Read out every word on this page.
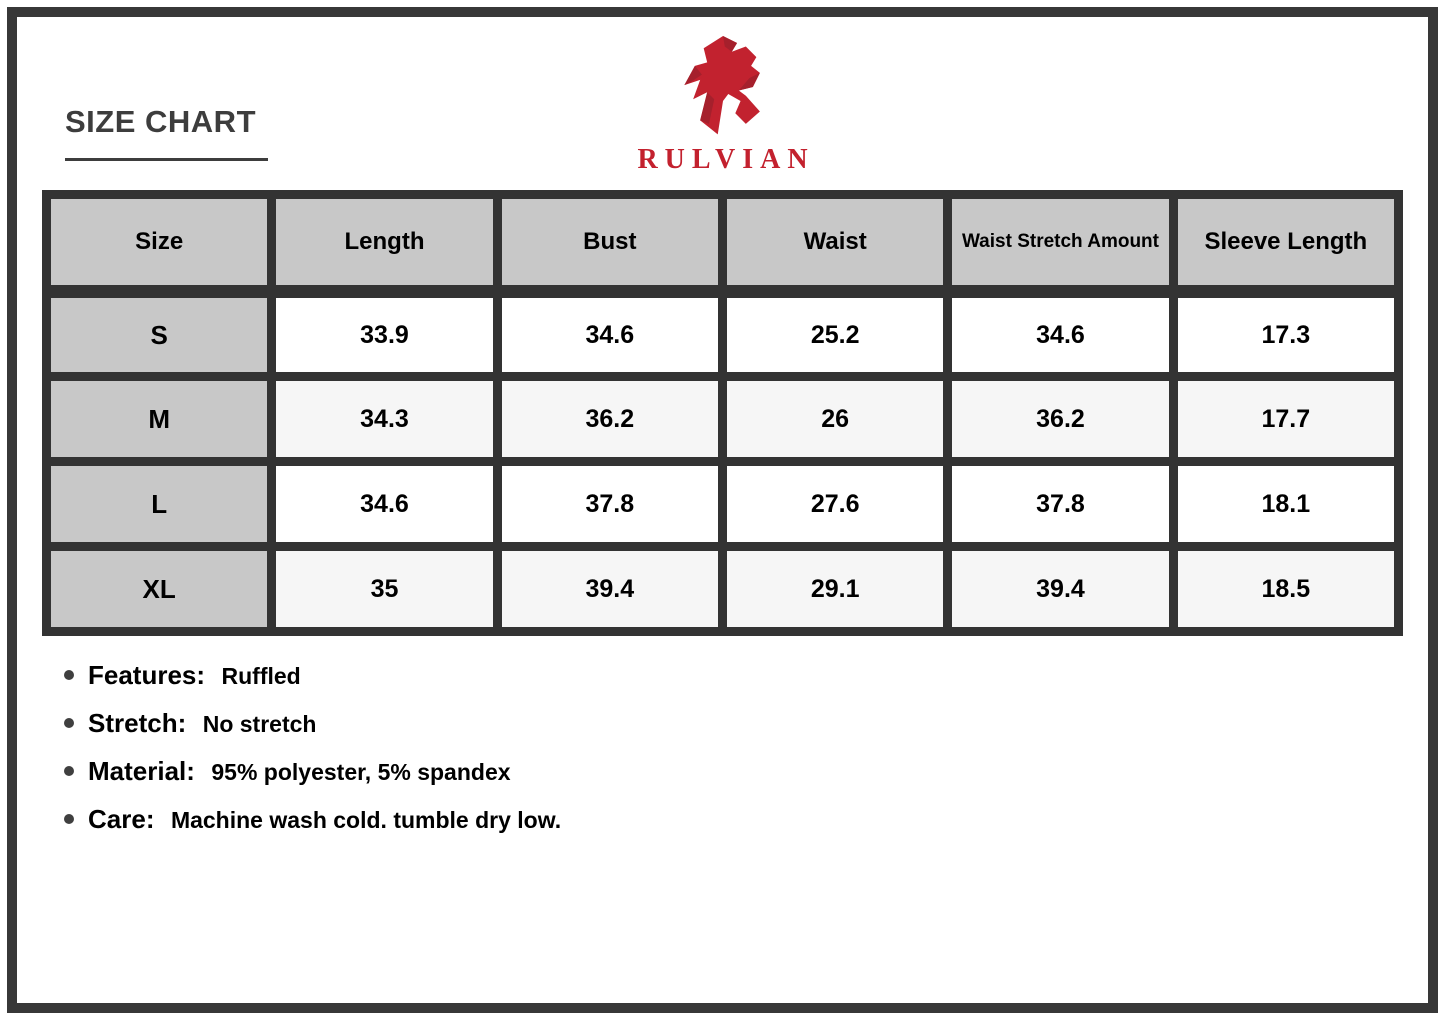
SIZE CHART
RULVIAN
Size	Length	Bust	Waist	Waist Stretch Amount	Sleeve Length
S	33.9	34.6	25.2	34.6	17.3
M	34.3	36.2	26	36.2	17.7
L	34.6	37.8	27.6	37.8	18.1
XL	35	39.4	29.1	39.4	18.5
Features: Ruffled
Stretch: No stretch
Material: 95% polyester, 5% spandex
Care: Machine wash cold. tumble dry low.
